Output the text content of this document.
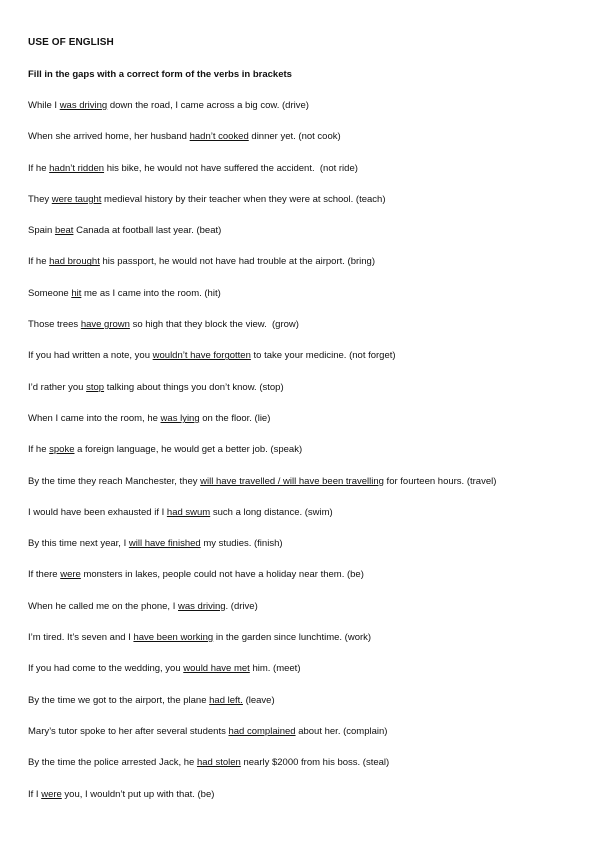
USE OF ENGLISH
Fill in the gaps with a correct form of the verbs in brackets
While I was driving down the road, I came across a big cow. (drive)
When she arrived home, her husband hadn’t cooked dinner yet. (not cook)
If he hadn’t ridden his bike, he would not have suffered the accident.  (not ride)
They were taught medieval history by their teacher when they were at school. (teach)
Spain beat Canada at football last year. (beat)
If he had brought his passport, he would not have had trouble at the airport. (bring)
Someone hit me as I came into the room. (hit)
Those trees have grown so high that they block the view.  (grow)
If you had written a note, you wouldn’t have forgotten to take your medicine. (not forget)
I’d rather you stop talking about things you don’t know. (stop)
When I came into the room, he was lying on the floor. (lie)
If he spoke a foreign language, he would get a better job. (speak)
By the time they reach Manchester, they will have travelled / will have been travelling for fourteen hours. (travel)
I would have been exhausted if I had swum such a long distance. (swim)
By this time next year, I will have finished my studies. (finish)
If there were monsters in lakes, people could not have a holiday near them. (be)
When he called me on the phone, I was driving. (drive)
I’m tired. It’s seven and I have been working in the garden since lunchtime. (work)
If you had come to the wedding, you would have met him. (meet)
By the time we got to the airport, the plane had left. (leave)
Mary’s tutor spoke to her after several students had complained about her. (complain)
By the time the police arrested Jack, he had stolen nearly $2000 from his boss. (steal)
If I were you, I wouldn’t put up with that. (be)
